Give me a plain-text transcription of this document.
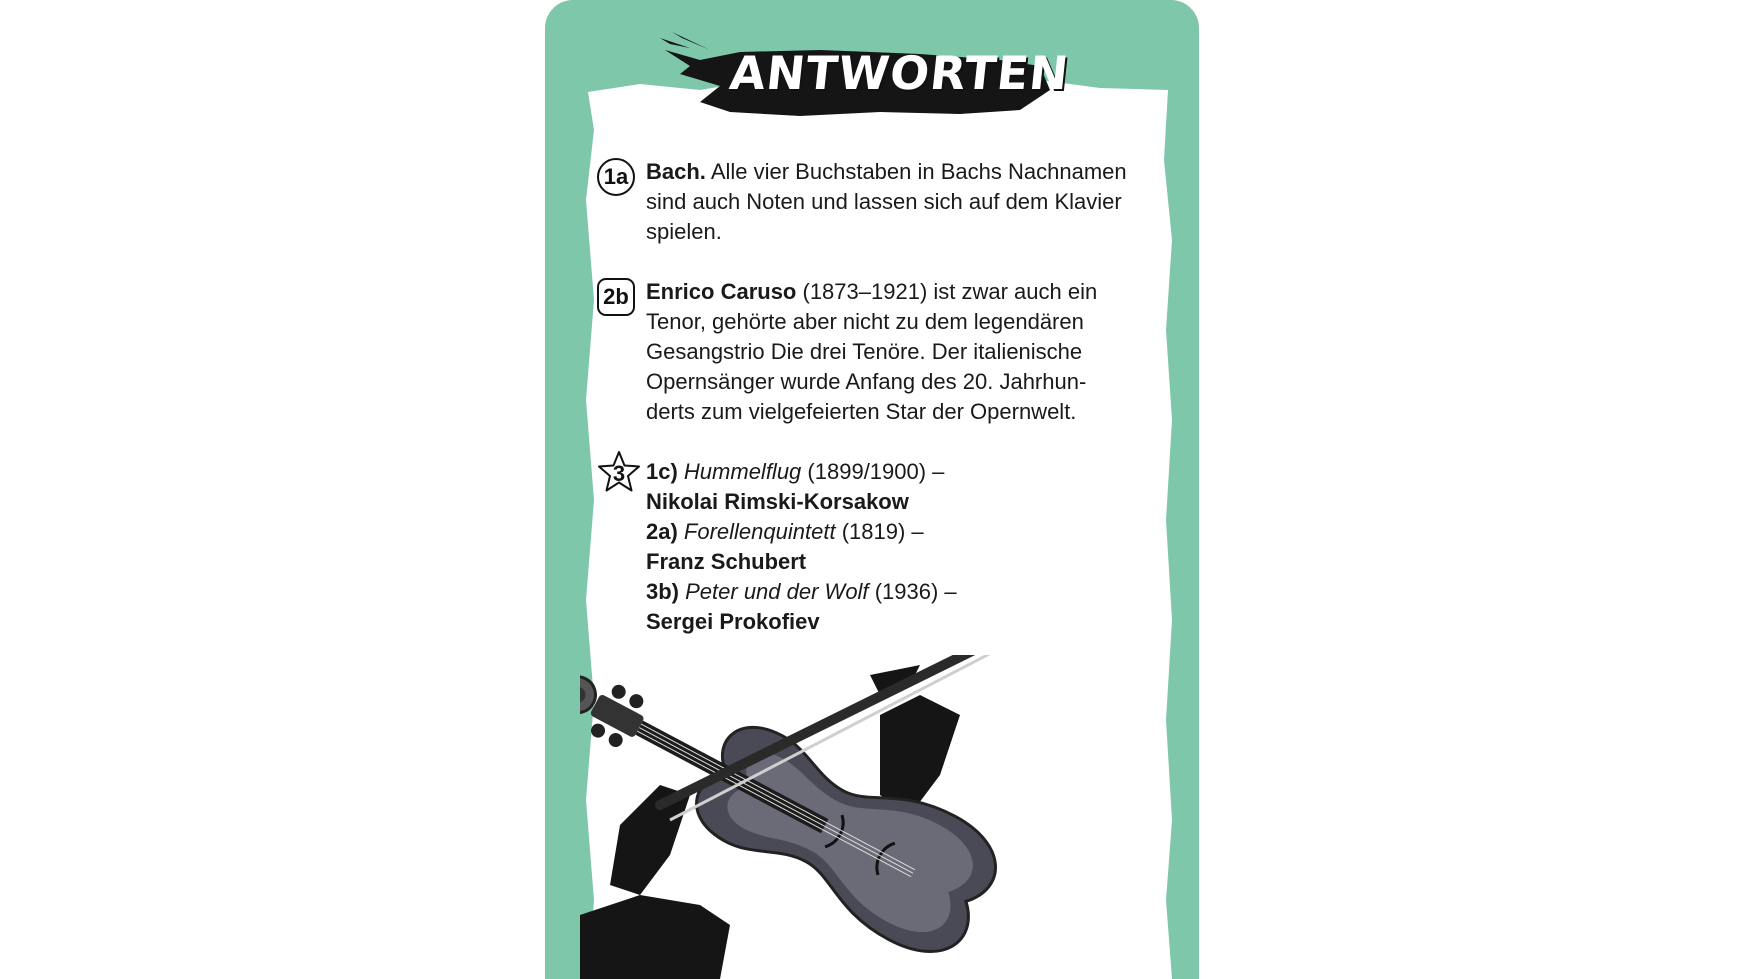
ANTWORTEN
1a Bach. Alle vier Buchstaben in Bachs Nachnamen
sind auch Noten und lassen sich auf dem Klavier
spielen.
2b Enrico Caruso (1873–1921) ist zwar auch ein
Tenor, gehörte aber nicht zu dem legendären
Gesangstrio Die drei Tenöre. Der italienische
Opernsänger wurde Anfang des 20. Jahrhun-
derts zum vielgefeierten Star der Opernwelt.
3 1c) Hummelflug (1899/1900) –
Nikolai Rimski-Korsakow
2a) Forellenquintett (1819) –
Franz Schubert
3b) Peter und der Wolf (1936) –
Sergei Prokofiev
